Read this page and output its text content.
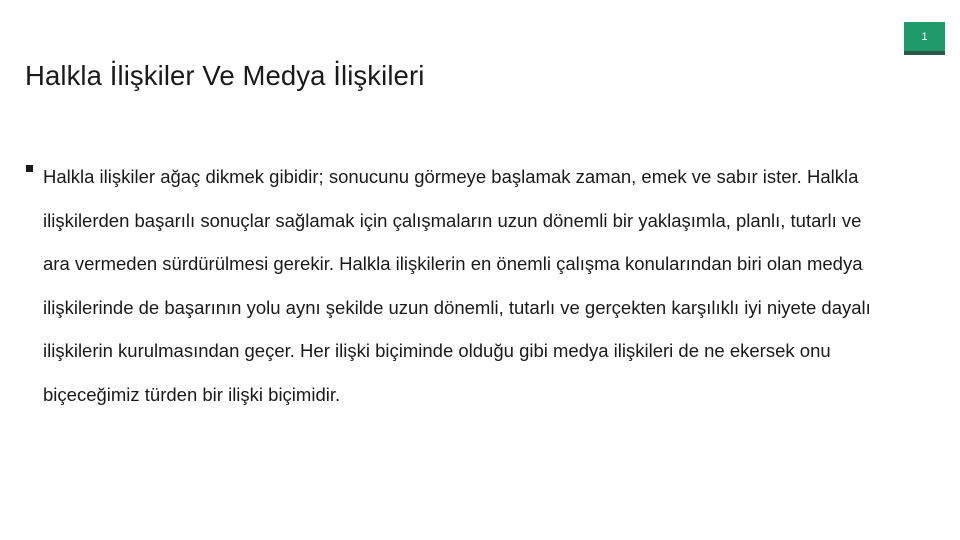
1
Halkla İlişkiler Ve Medya İlişkileri

Halkla ilişkiler ağaç dikmek gibidir; sonucunu görmeye başlamak zaman, emek ve sabır ister. Halkla ilişkilerden başarılı sonuçlar sağlamak için çalışmaların uzun dönemli bir yaklaşımla, planlı, tutarlı ve ara vermeden sürdürülmesi gerekir. Halkla ilişkilerin en önemli çalışma konularından biri olan medya ilişkilerinde de başarının yolu aynı şekilde uzun dönemli, tutarlı ve gerçekten karşılıklı iyi niyete dayalı ilişkilerin kurulmasından geçer. Her ilişki biçiminde olduğu gibi medya ilişkileri de ne ekersek onu biçeceğimiz türden bir ilişki biçimidir.
